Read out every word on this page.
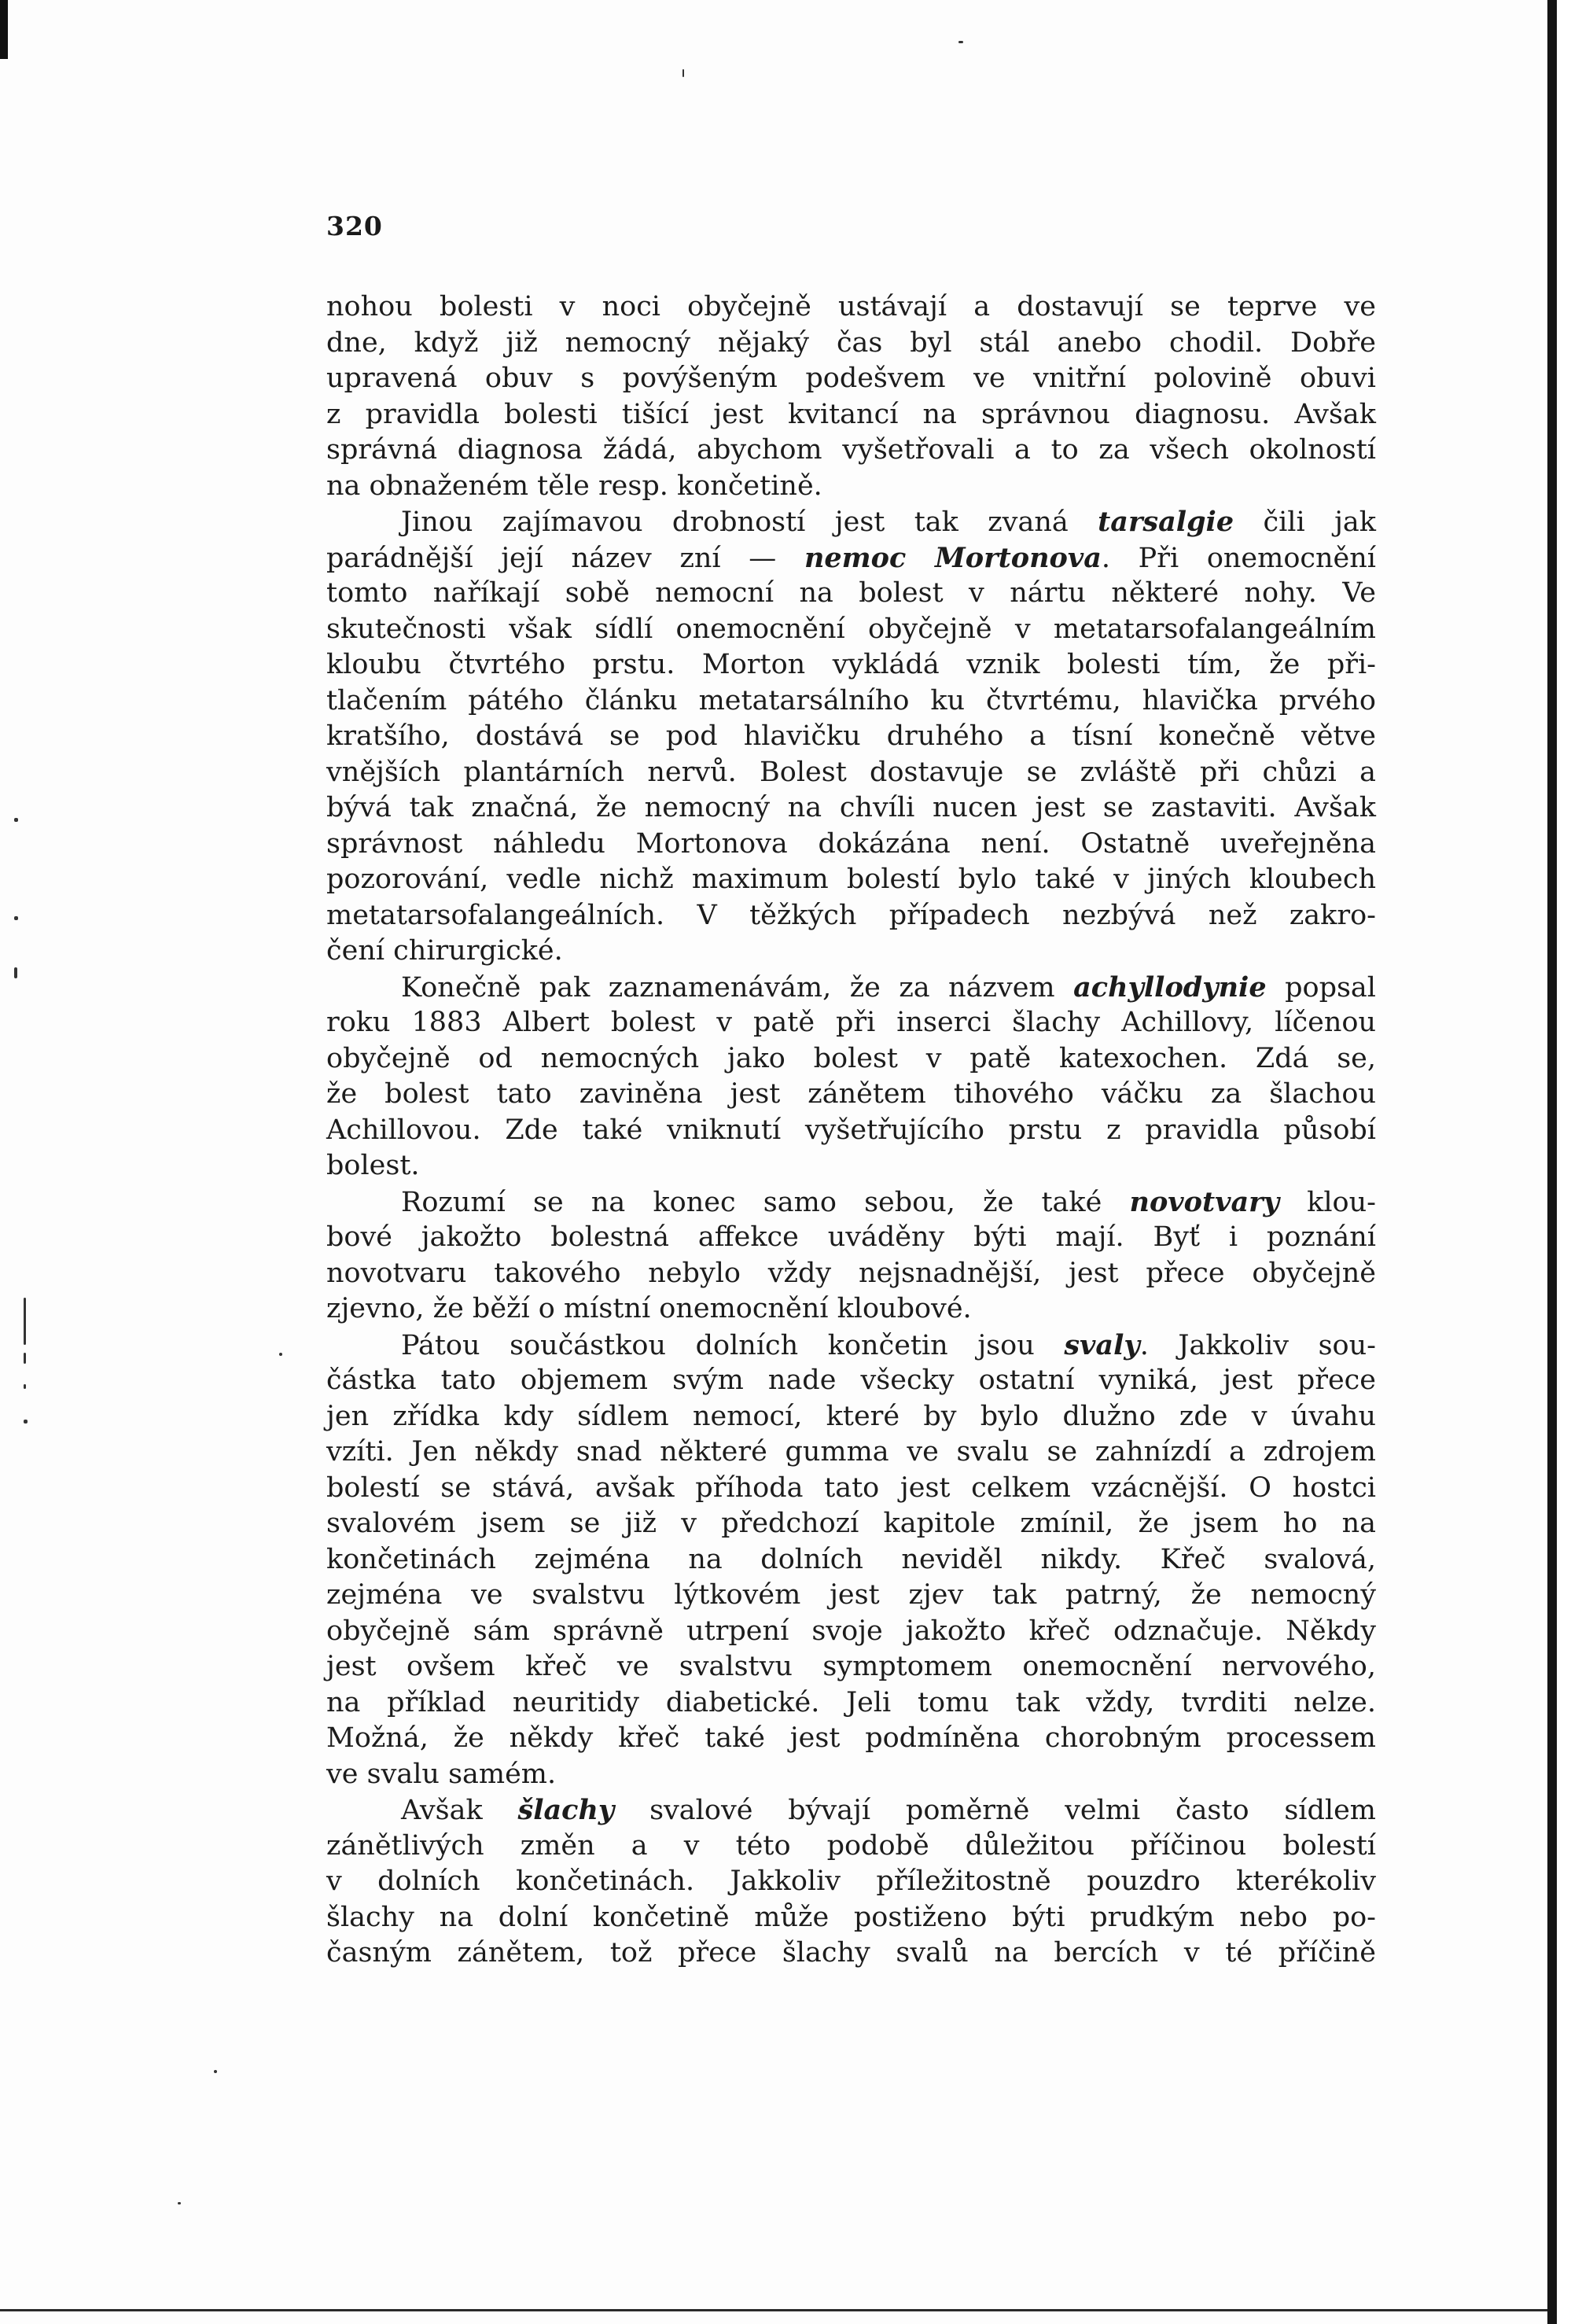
320
nohou bolesti v noci obyčejně ustávají a dostavují se teprve ve
dne, když již nemocný nějaký čas byl stál anebo chodil. Dobře
upravená obuv s povýšeným podešvem ve vnitřní polovině obuvi
z pravidla bolesti tišící jest kvitancí na správnou diagnosu. Avšak
správná diagnosa žádá, abychom vyšetřovali a to za všech okolností
na obnaženém těle resp. končetině.
Jinou zajímavou drobností jest tak zvaná tarsalgie čili jak
parádnější její název zní — nemoc Mortonova. Při onemocnění
tomto naříkají sobě nemocní na bolest v nártu některé nohy. Ve
skutečnosti však sídlí onemocnění obyčejně v metatarsofalangeálním
kloubu čtvrtého prstu. Morton vykládá vznik bolesti tím, že při-
tlačením pátého článku metatarsálního ku čtvrtému, hlavička prvého
kratšího, dostává se pod hlavičku druhého a tísní konečně větve
vnějších plantárních nervů. Bolest dostavuje se zvláště při chůzi a
bývá tak značná, že nemocný na chvíli nucen jest se zastaviti. Avšak
správnost náhledu Mortonova dokázána není. Ostatně uveřejněna
pozorování, vedle nichž maximum bolestí bylo také v jiných kloubech
metatarsofalangeálních. V těžkých případech nezbývá než zakro-
čení chirurgické.
Konečně pak zaznamenávám, že za názvem achyllodynie popsal
roku 1883 Albert bolest v patě při inserci šlachy Achillovy, líčenou
obyčejně od nemocných jako bolest v patě katexochen. Zdá se,
že bolest tato zaviněna jest zánětem tihového váčku za šlachou
Achillovou. Zde také vniknutí vyšetřujícího prstu z pravidla působí
bolest.
Rozumí se na konec samo sebou, že také novotvary klou-
bové jakožto bolestná affekce uváděny býti mají. Byť i poznání
novotvaru takového nebylo vždy nejsnadnější, jest přece obyčejně
zjevno, že běží o místní onemocnění kloubové.
Pátou součástkou dolních končetin jsou svaly. Jakkoliv sou-
částka tato objemem svým nade všecky ostatní vyniká, jest přece
jen zřídka kdy sídlem nemocí, které by bylo dlužno zde v úvahu
vzíti. Jen někdy snad některé gumma ve svalu se zahnízdí a zdrojem
bolestí se stává, avšak příhoda tato jest celkem vzácnější. O hostci
svalovém jsem se již v předchozí kapitole zmínil, že jsem ho na
končetinách zejména na dolních neviděl nikdy. Křeč svalová,
zejména ve svalstvu lýtkovém jest zjev tak patrný, že nemocný
obyčejně sám správně utrpení svoje jakožto křeč odznačuje. Někdy
jest ovšem křeč ve svalstvu symptomem onemocnění nervového,
na příklad neuritidy diabetické. Jeli tomu tak vždy, tvrditi nelze.
Možná, že někdy křeč také jest podmíněna chorobným processem
ve svalu samém.
Avšak šlachy svalové bývají poměrně velmi často sídlem
zánětlivých změn a v této podobě důležitou příčinou bolestí
v dolních končetinách. Jakkoliv příležitostně pouzdro kterékoliv
šlachy na dolní končetině může postiženo býti prudkým nebo po-
časným zánětem, tož přece šlachy svalů na bercích v té příčině
